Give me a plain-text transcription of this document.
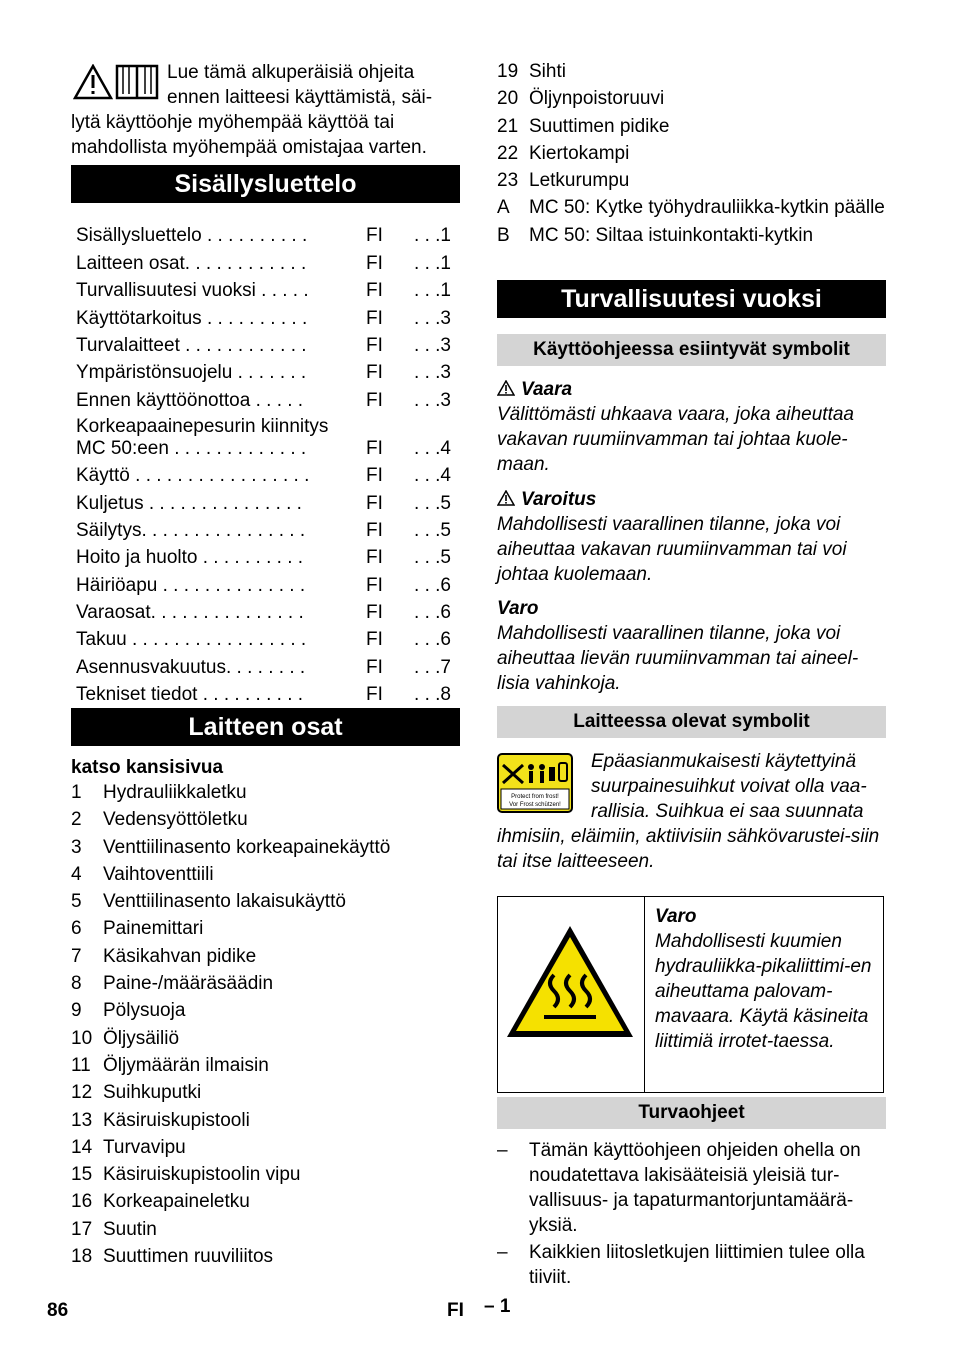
Lue tämä alkuperäisiä ohjeita
ennen laitteesi käyttämistä, säi-
lytä käyttöohje myöhempää käyttöä tai
mahdollista myöhempää omistajaa varten.
Sisällysluettelo
Sisällysluettelo . . . . . . . . . .	FI . . .1
Laitteen osat. . . . . . . . . . . .	FI . . .1
Turvallisuutesi vuoksi . . . . .	FI . . .1
Käyttötarkoitus . . . . . . . . . .	FI . . .3
Turvalaitteet . . . . . . . . . . . .	FI . . .3
Ympäristönsuojelu . . . . . . .	FI . . .3
Ennen käyttöönottoa . . . . .	FI . . .3
Korkeapaainepesurin kiinnitys
MC 50:een . . . . . . . . . . . . .	FI . . .4
Käyttö . . . . . . . . . . . . . . . . .	FI . . .4
Kuljetus . . . . . . . . . . . . . . .	FI . . .5
Säilytys. . . . . . . . . . . . . . . .	FI . . .5
Hoito ja huolto . . . . . . . . . .	FI . . .5
Häiriöapu . . . . . . . . . . . . . .	FI . . .6
Varaosat. . . . . . . . . . . . . . .	FI . . .6
Takuu . . . . . . . . . . . . . . . . .	FI . . .6
Asennusvakuutus. . . . . . . .	FI . . .7
Tekniset tiedot . . . . . . . . . .	FI . . .8
Laitteen osat
katso kansisivua
1 Hydrauliikkaletku
2 Vedensyöttöletku
3 Venttiilinasento korkeapainekäyttö
4 Vaihtoventtiili
5 Venttiilinasento lakaisukäyttö
6 Painemittari
7 Käsikahvan pidike
8 Paine-/määräsäädin
9 Pölysuoja
10 Öljysäiliö
11 Öljymäärän ilmaisin
12 Suihkuputki
13 Käsiruiskupistooli
14 Turvavipu
15 Käsiruiskupistoolin vipu
16 Korkeapaineletku
17 Suutin
18 Suuttimen ruuviliitos
19 Sihti
20 Öljynpoistoruuvi
21 Suuttimen pidike
22 Kiertokampi
23 Letkurumpu
A MC 50: Kytke työhydrauliikka-kytkin päälle
B MC 50: Siltaa istuinkontakti-kytkin
Turvallisuutesi vuoksi
Käyttöohjeessa esiintyvät symbolit
Vaara
Välittömästi uhkaava vaara, joka aiheuttaa vakavan ruumiinvamman tai johtaa kuole-maan.
Varoitus
Mahdollisesti vaarallinen tilanne, joka voi aiheuttaa vakavan ruumiinvamman tai voi johtaa kuolemaan.
Varo
Mahdollisesti vaarallinen tilanne, joka voi aiheuttaa lievän ruumiinvamman tai aineel-lisia vahinkoja.
Laitteessa olevat symbolit
Protect from frost!
Vor Frost schützen!
Epäasianmukaisesti käytettyinä suurpainesuihkut voivat olla vaa-rallisia. Suihkua ei saa suunnata ihmisiin, eläimiin, aktiivisiin sähkövarustei-siin tai itse laitteeseen.
Varo
Mahdollisesti kuumien hydrauliikka-pikaliittimi-en aiheuttama palovam-mavaara. Käytä käsineita liittimiä irrotet-taessa.
Turvaohjeet
– Tämän käyttöohjeen ohjeiden ohella on noudatettava lakisääteisiä yleisiä tur-vallisuus- ja tapaturmantorjuntamäärä-yksiä.
– Kaikkien liitosletkujen liittimien tulee olla tiiviit.
86	FI – 1
